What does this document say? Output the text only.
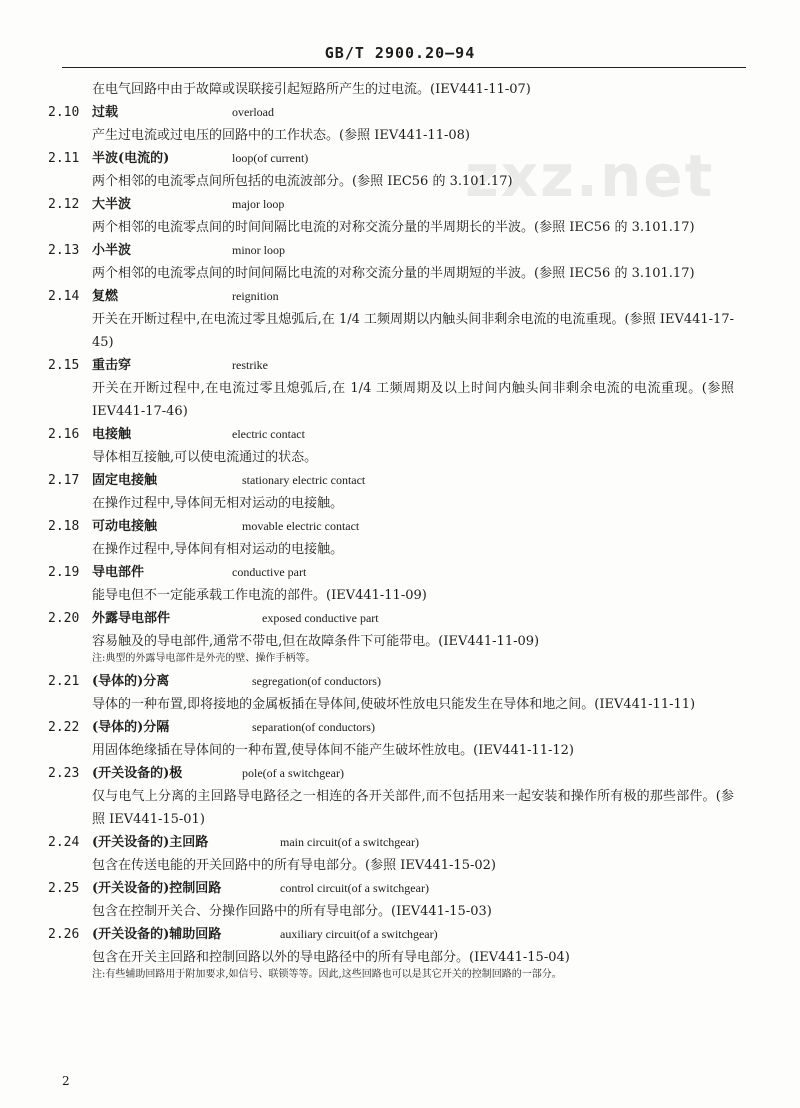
GB/T 2900.20—94
zxz.net
在电气回路中由于故障或误联接引起短路所产生的过电流。(IEV441-11-07)
2.10 过载	overload
产生过电流或过电压的回路中的工作状态。(参照 IEV441-11-08)
2.11 半波(电流的)	loop(of current)
两个相邻的电流零点间所包括的电流波部分。(参照 IEC56 的 3.101.17)
2.12 大半波	major loop
两个相邻的电流零点间的时间间隔比电流的对称交流分量的半周期长的半波。(参照 IEC56 的 3.101.17)
2.13 小半波	minor loop
两个相邻的电流零点间的时间间隔比电流的对称交流分量的半周期短的半波。(参照 IEC56 的 3.101.17)
2.14 复燃	reignition
开关在开断过程中,在电流过零且熄弧后,在 1/4 工频周期以内触头间非剩余电流的电流重现。(参照 IEV441-17-45)
2.15 重击穿	restrike
开关在开断过程中,在电流过零且熄弧后,在 1/4 工频周期及以上时间内触头间非剩余电流的电流重现。(参照 IEV441-17-46)
2.16 电接触	electric contact
导体相互接触,可以使电流通过的状态。
2.17 固定电接触	stationary electric contact
在操作过程中,导体间无相对运动的电接触。
2.18 可动电接触	movable electric contact
在操作过程中,导体间有相对运动的电接触。
2.19 导电部件	conductive part
能导电但不一定能承载工作电流的部件。(IEV441-11-09)
2.20 外露导电部件	exposed conductive part
容易触及的导电部件,通常不带电,但在故障条件下可能带电。(IEV441-11-09)
注:典型的外露导电部件是外壳的壁、操作手柄等。
2.21 (导体的)分离	segregation(of conductors)
导体的一种布置,即将接地的金属板插在导体间,使破坏性放电只能发生在导体和地之间。(IEV441-11-11)
2.22 (导体的)分隔	separation(of conductors)
用固体绝缘插在导体间的一种布置,使导体间不能产生破坏性放电。(IEV441-11-12)
2.23 (开关设备的)极	pole(of a switchgear)
仅与电气上分离的主回路导电路径之一相连的各开关部件,而不包括用来一起安装和操作所有极的那些部件。(参照 IEV441-15-01)
2.24 (开关设备的)主回路	main circuit(of a switchgear)
包含在传送电能的开关回路中的所有导电部分。(参照 IEV441-15-02)
2.25 (开关设备的)控制回路	control circuit(of a switchgear)
包含在控制开关合、分操作回路中的所有导电部分。(IEV441-15-03)
2.26 (开关设备的)辅助回路	auxiliary circuit(of a switchgear)
包含在开关主回路和控制回路以外的导电路径中的所有导电部分。(IEV441-15-04)
注:有些辅助回路用于附加要求,如信号、联锁等等。因此,这些回路也可以是其它开关的控制回路的一部分。
2
